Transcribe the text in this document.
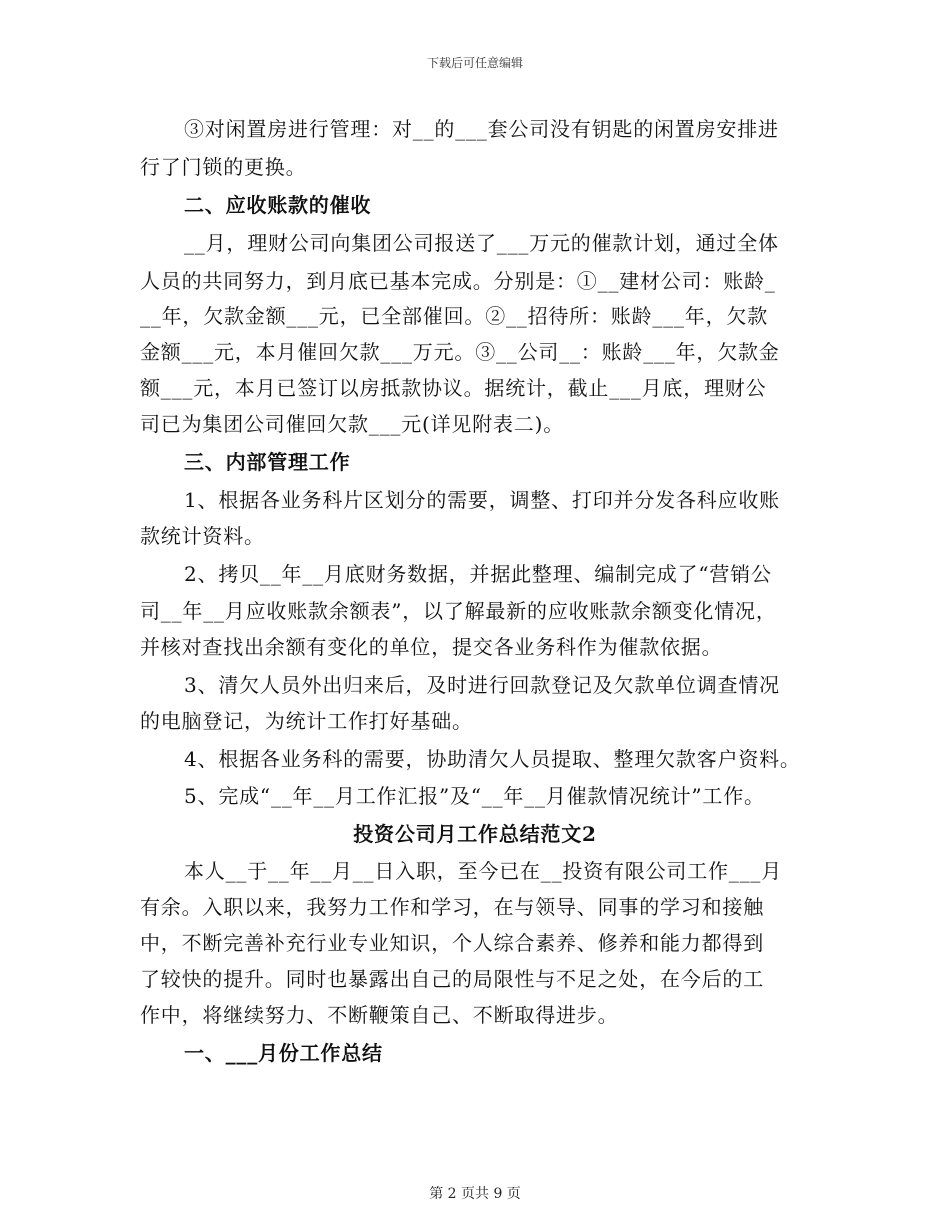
下载后可任意编辑
③对闲置房进行管理：对__的___套公司没有钥匙的闲置房安排进
行了门锁的更换。
二、应收账款的催收
__月，理财公司向集团公司报送了___万元的催款计划，通过全体
人员的共同努力，到月底已基本完成。分别是：①__建材公司：账龄_
__年，欠款金额___元，已全部催回。②__招待所：账龄___年，欠款
金额___元，本月催回欠款___万元。③__公司__：账龄___年，欠款金
额___元，本月已签订以房抵款协议。据统计，截止___月底，理财公
司已为集团公司催回欠款___元(详见附表二)。
三、内部管理工作
1、根据各业务科片区划分的需要，调整、打印并分发各科应收账
款统计资料。
2、拷贝__年__月底财务数据，并据此整理、编制完成了“营销公
司__年__月应收账款余额表”，以了解最新的应收账款余额变化情况，
并核对查找出余额有变化的单位，提交各业务科作为催款依据。
3、清欠人员外出归来后，及时进行回款登记及欠款单位调查情况
的电脑登记，为统计工作打好基础。
4、根据各业务科的需要，协助清欠人员提取、整理欠款客户资料。
5、完成“__年__月工作汇报”及“__年__月催款情况统计”工作。
投资公司月工作总结范文2
本人__于__年__月__日入职，至今已在__投资有限公司工作___月
有余。入职以来，我努力工作和学习，在与领导、同事的学习和接触
中，不断完善补充行业专业知识，个人综合素养、修养和能力都得到
了较快的提升。同时也暴露出自己的局限性与不足之处，在今后的工
作中，将继续努力、不断鞭策自己、不断取得进步。
一、___月份工作总结
第 2 页共 9 页
